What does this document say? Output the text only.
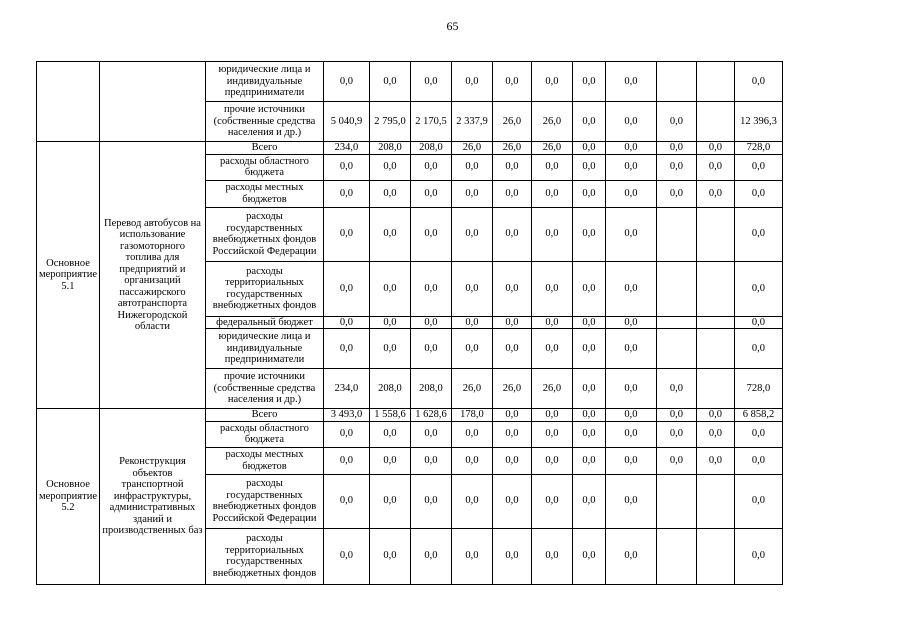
65
		юридические лица и индивидуальные предприниматели	0,0	0,0	0,0	0,0	0,0	0,0	0,0	0,0			0,0
		прочие источники (собственные средства населения и др.)	5 040,9	2 795,0	2 170,5	2 337,9	26,0	26,0	0,0	0,0	0,0		12 396,3
Основное мероприятие 5.1	Перевод автобусов на использование газомоторного топлива для предприятий и организаций пассажирского автотранспорта Нижегородской области	Всего	234,0	208,0	208,0	26,0	26,0	26,0	0,0	0,0	0,0	0,0	728,0
		расходы областного бюджета	0,0	0,0	0,0	0,0	0,0	0,0	0,0	0,0	0,0	0,0	0,0
		расходы местных бюджетов	0,0	0,0	0,0	0,0	0,0	0,0	0,0	0,0	0,0	0,0	0,0
		расходы государственных внебюджетных фондов Российской Федерации	0,0	0,0	0,0	0,0	0,0	0,0	0,0	0,0			0,0
		расходы территориальных государственных внебюджетных фондов	0,0	0,0	0,0	0,0	0,0	0,0	0,0	0,0			0,0
		федеральный бюджет	0,0	0,0	0,0	0,0	0,0	0,0	0,0	0,0			0,0
		юридические лица и индивидуальные предприниматели	0,0	0,0	0,0	0,0	0,0	0,0	0,0	0,0			0,0
		прочие источники (собственные средства населения и др.)	234,0	208,0	208,0	26,0	26,0	26,0	0,0	0,0	0,0		728,0
Основное мероприятие 5.2	Реконструкция объектов транспортной инфраструктуры, административных зданий и производственных баз	Всего	3 493,0	1 558,6	1 628,6	178,0	0,0	0,0	0,0	0,0	0,0	0,0	6 858,2
		расходы областного бюджета	0,0	0,0	0,0	0,0	0,0	0,0	0,0	0,0	0,0	0,0	0,0
		расходы местных бюджетов	0,0	0,0	0,0	0,0	0,0	0,0	0,0	0,0	0,0	0,0	0,0
		расходы государственных внебюджетных фондов Российской Федерации	0,0	0,0	0,0	0,0	0,0	0,0	0,0	0,0			0,0
		расходы территориальных государственных внебюджетных фондов	0,0	0,0	0,0	0,0	0,0	0,0	0,0	0,0			0,0
